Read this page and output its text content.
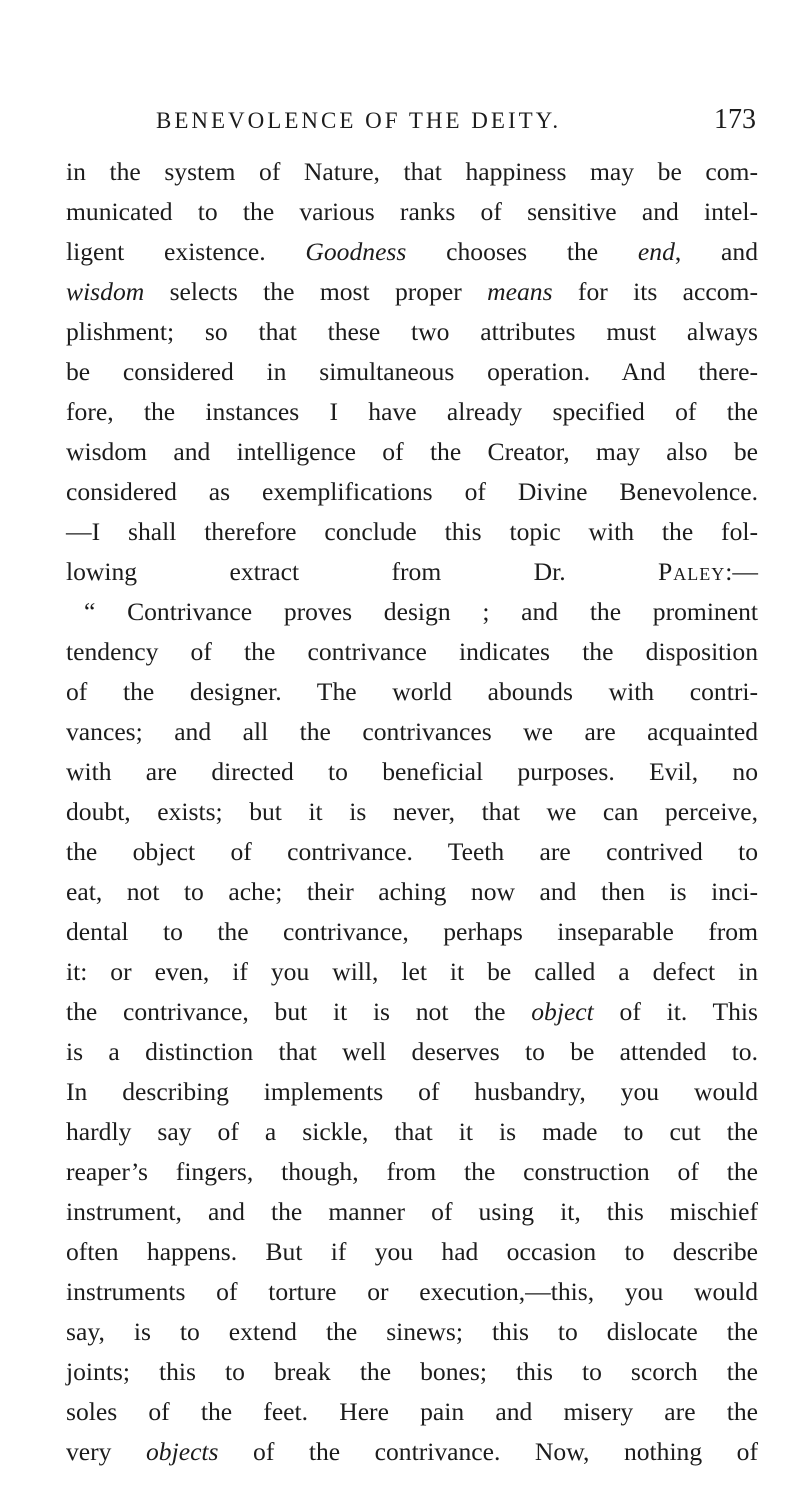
BENEVOLENCE OF THE DEITY.	173
in the system of Nature, that happiness may be com-
municated to the various ranks of sensitive and intel-
ligent existence. Goodness chooses the end, and
wisdom selects the most proper means for its accom-
plishment; so that these two attributes must always
be considered in simultaneous operation. And there-
fore, the instances I have already specified of the
wisdom and intelligence of the Creator, may also be
considered as exemplifications of Divine Benevolence.
—I shall therefore conclude this topic with the fol-
lowing extract from Dr. Paley:—
“ Contrivance proves design ; and the prominent
tendency of the contrivance indicates the disposition
of the designer. The world abounds with contri-
vances; and all the contrivances we are acquainted
with are directed to beneficial purposes. Evil, no
doubt, exists; but it is never, that we can perceive,
the object of contrivance. Teeth are contrived to
eat, not to ache; their aching now and then is inci-
dental to the contrivance, perhaps inseparable from
it: or even, if you will, let it be called a defect in
the contrivance, but it is not the object of it. This
is a distinction that well deserves to be attended to.
In describing implements of husbandry, you would
hardly say of a sickle, that it is made to cut the
reaper’s fingers, though, from the construction of the
instrument, and the manner of using it, this mischief
often happens. But if you had occasion to describe
instruments of torture or execution,—this, you would
say, is to extend the sinews; this to dislocate the
joints; this to break the bones; this to scorch the
soles of the feet. Here pain and misery are the
very objects of the contrivance. Now, nothing of
